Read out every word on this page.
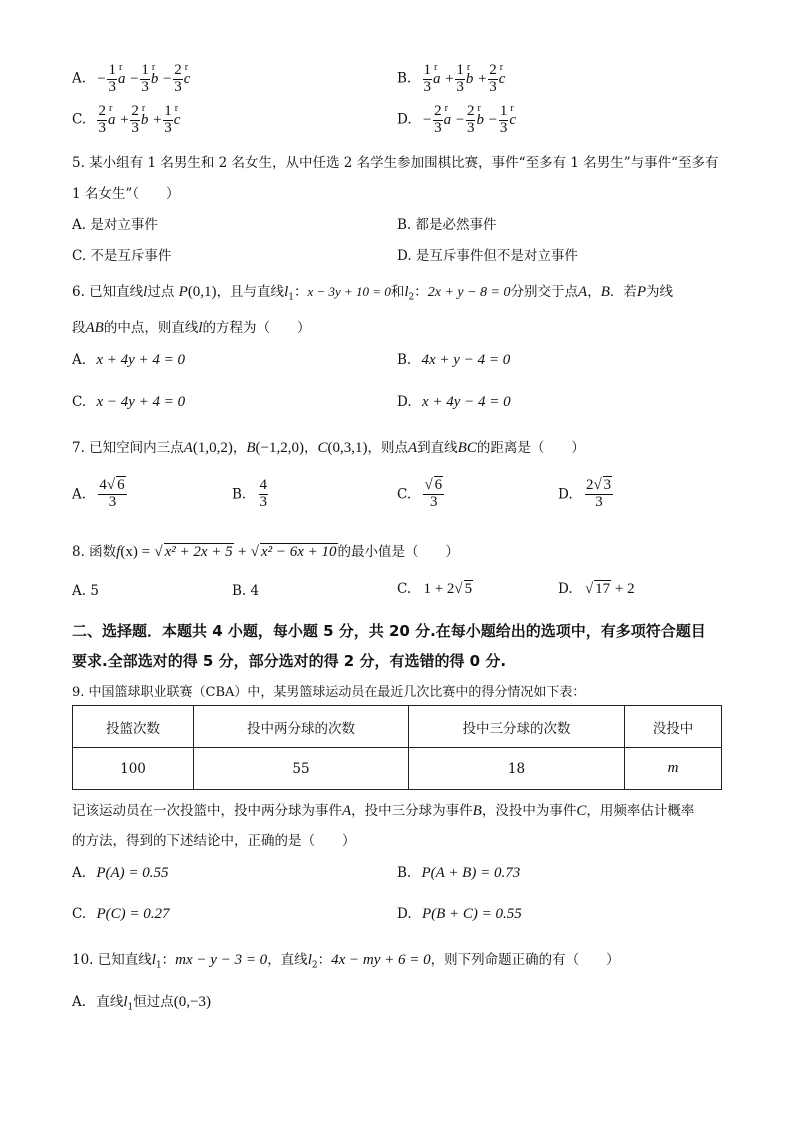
A. − $\frac{1}{3}$ r $a - \frac{1}{3}$ r $b - \frac{2}{3}$ r c	B. $\frac{1}{3}$ r $a + \frac{1}{3}$ r $b + \frac{2}{3}$ r c
C. $\frac{2}{3}$ r $a + \frac{2}{3}$ r $b + \frac{1}{3}$ r c	D. − $\frac{2}{3}$ r $a - \frac{2}{3}$ r $b - \frac{1}{3}$ r c
5. 某小组有 1 名男生和 2 名女生，从中任选 2 名学生参加围棋比赛，事件“至多有 1 名男生”与事件“至多有
1 名女生”（　　）
A. 是对立事件	B. 都是必然事件
C. 不是互斥事件	D. 是互斥事件但不是对立事件
6. 已知直线l过点 P(0,1)，且与直线$l_1$：x − 3y + 10 = 0和$l_2$：2x + y − 8 = 0分别交于点A，B．若P为线
段AB的中点，则直线l的方程为（　　）
A. x + 4y + 4 = 0	B. 4x + y − 4 = 0
C. x − 4y + 4 = 0	D. x + 4y − 4 = 0
7. 已知空间内三点A(1,0,2)，B(−1,2,0)，C(0,3,1)，则点A到直线BC的距离是（　　）
A. $\frac{4√ 6}{3}$	B. $\frac{4}{3}$	C. $\frac{√ 6}{3}$	D. $\frac{2√ 3}{3}$
8. 函数f(x) = √ x² + 2x + 5 + √ x² − 6x + 10的最小值是（　　）
A. 5	B. 4	C. 1 + 2√ 5	D. √ 17 + 2
二、选择题．本题共 4 小题，每小题 5 分，共 20 分.在每小题给出的选项中，有多项符合题目
要求.全部选对的得 5 分，部分选对的得 2 分，有选错的得 0 分.
9. 中国篮球职业联赛（CBA）中，某男篮球运动员在最近几次比赛中的得分情况如下表：
投篮次数	投中两分球的次数	投中三分球的次数	没投中
100	55	18	m
记该运动员在一次投篮中，投中两分球为事件A，投中三分球为事件B，没投中为事件C，用频率估计概率
的方法，得到的下述结论中，正确的是（　　）
A. P(A) = 0.55	B. P(A + B) = 0.73
C. P(C) = 0.27	D. P(B + C) = 0.55
10. 已知直线$l_1$：mx − y − 3 = 0，直线$l_2$：4x − my + 6 = 0，则下列命题正确的有（　　）
A. 直线$l_1$恒过点(0,−3)
